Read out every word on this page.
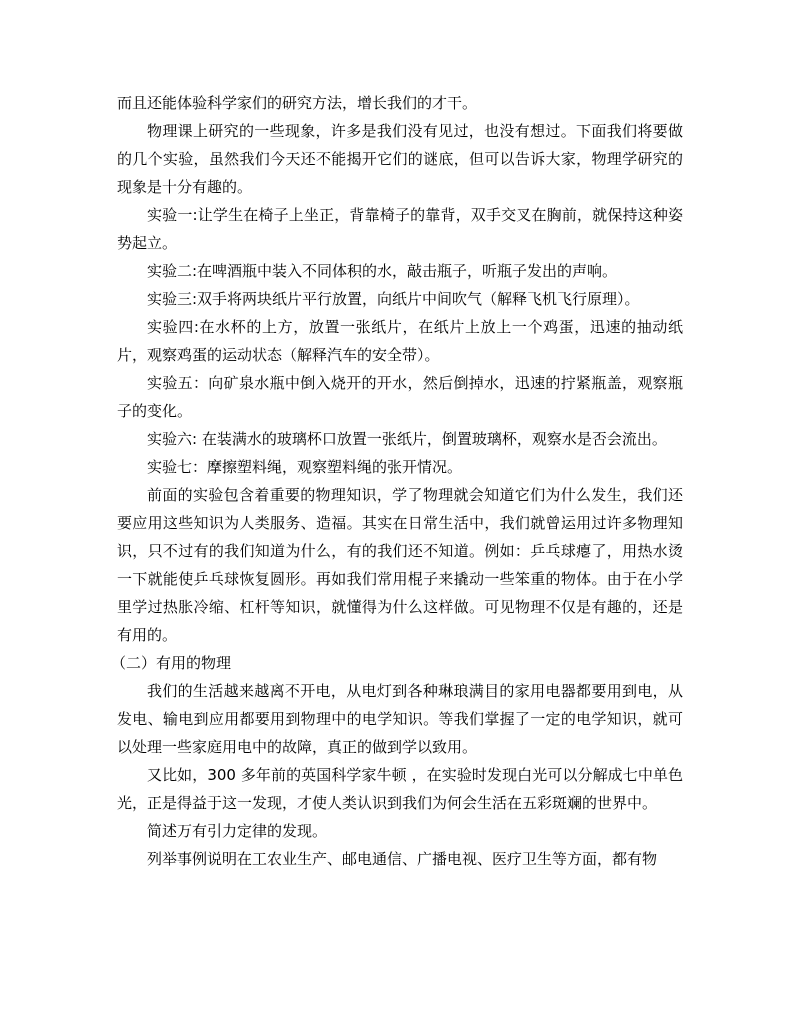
而且还能体验科学家们的研究方法，增长我们的才干。

物理课上研究的一些现象，许多是我们没有见过，也没有想过。下面我们将要做的几个实验，虽然我们今天还不能揭开它们的谜底，但可以告诉大家，物理学研究的现象是十分有趣的。

实验一:让学生在椅子上坐正，背靠椅子的靠背，双手交叉在胸前，就保持这种姿势起立。

实验二:在啤酒瓶中装入不同体积的水，敲击瓶子，听瓶子发出的声响。

实验三:双手将两块纸片平行放置，向纸片中间吹气（解释飞机飞行原理）。

实验四:在水杯的上方，放置一张纸片，在纸片上放上一个鸡蛋，迅速的抽动纸片，观察鸡蛋的运动状态（解释汽车的安全带）。

实验五：向矿泉水瓶中倒入烧开的开水，然后倒掉水，迅速的拧紧瓶盖，观察瓶子的变化。

实验六: 在装满水的玻璃杯口放置一张纸片，倒置玻璃杯，观察水是否会流出。

实验七：摩擦塑料绳，观察塑料绳的张开情况。

前面的实验包含着重要的物理知识，学了物理就会知道它们为什么发生，我们还要应用这些知识为人类服务、造福。其实在日常生活中，我们就曾运用过许多物理知识，只不过有的我们知道为什么，有的我们还不知道。例如：乒乓球瘪了，用热水烫一下就能使乒乓球恢复圆形。再如我们常用棍子来撬动一些笨重的物体。由于在小学里学过热胀冷缩、杠杆等知识，就懂得为什么这样做。可见物理不仅是有趣的，还是有用的。

（二）有用的物理

我们的生活越来越离不开电，从电灯到各种琳琅满目的家用电器都要用到电，从发电、输电到应用都要用到物理中的电学知识。等我们掌握了一定的电学知识，就可以处理一些家庭用电中的故障，真正的做到学以致用。

又比如，300 多年前的英国科学家牛顿 ，在实验时发现白光可以分解成七中单色光，正是得益于这一发现，才使人类认识到我们为何会生活在五彩斑斓的世界中。

简述万有引力定律的发现。

列举事例说明在工农业生产、邮电通信、广播电视、医疗卫生等方面，都有物
